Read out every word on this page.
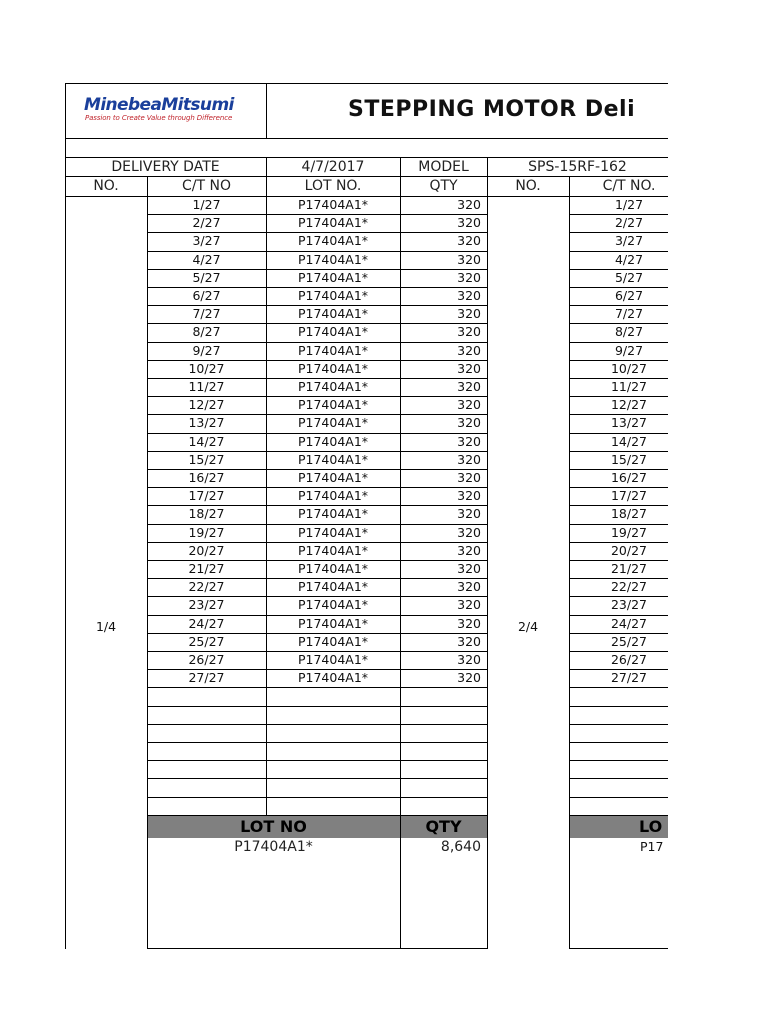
MinebeaMitsumi
Passion to Create Value through Difference	STEPPING MOTOR Deli
DELIVERY DATE	4/7/2017	MODEL	SPS-15RF-162
NO.	C/T NO	LOT NO.	QTY	NO.	C/T NO.
1/4	2/4
1/27	P17404A1*	320	1/27
2/27	P17404A1*	320	2/27
3/27	P17404A1*	320	3/27
4/27	P17404A1*	320	4/27
5/27	P17404A1*	320	5/27
6/27	P17404A1*	320	6/27
7/27	P17404A1*	320	7/27
8/27	P17404A1*	320	8/27
9/27	P17404A1*	320	9/27
10/27	P17404A1*	320	10/27
11/27	P17404A1*	320	11/27
12/27	P17404A1*	320	12/27
13/27	P17404A1*	320	13/27
14/27	P17404A1*	320	14/27
15/27	P17404A1*	320	15/27
16/27	P17404A1*	320	16/27
17/27	P17404A1*	320	17/27
18/27	P17404A1*	320	18/27
19/27	P17404A1*	320	19/27
20/27	P17404A1*	320	20/27
21/27	P17404A1*	320	21/27
22/27	P17404A1*	320	22/27
23/27	P17404A1*	320	23/27
24/27	P17404A1*	320	24/27
25/27	P17404A1*	320	25/27
26/27	P17404A1*	320	26/27
27/27	P17404A1*	320	27/27
LOT NO	QTY	LO
P17404A1*	8,640	P17
